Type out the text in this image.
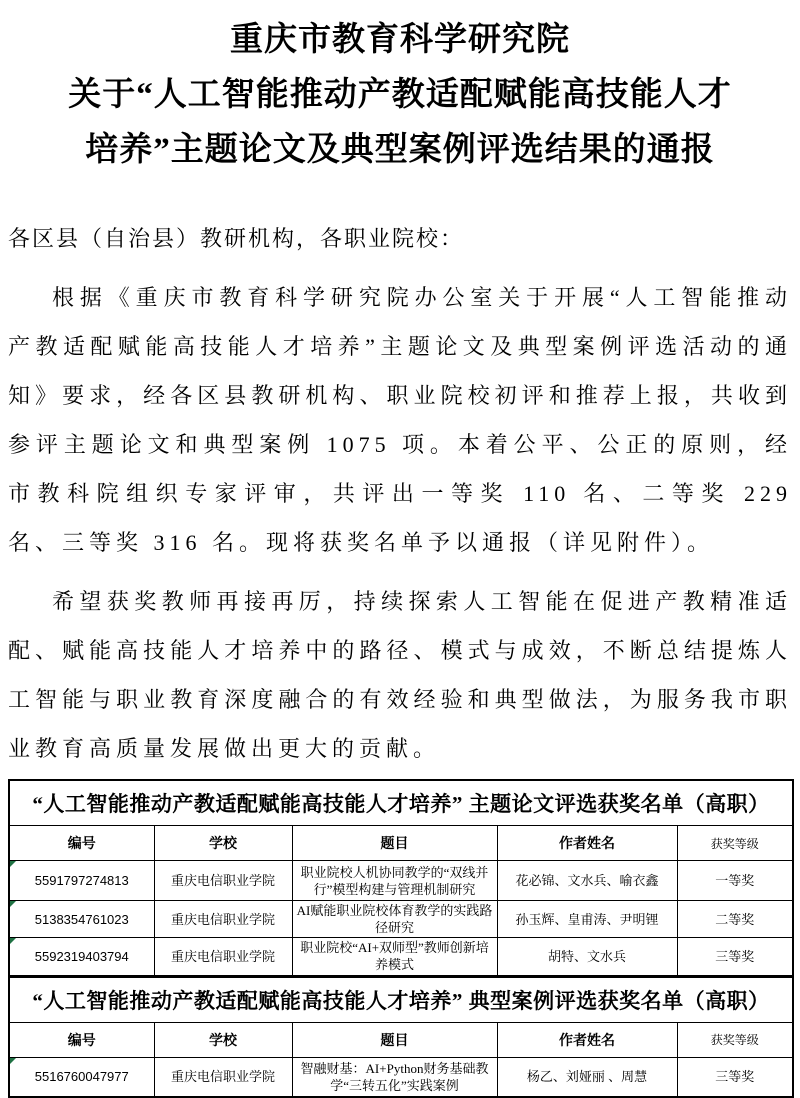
重庆市教育科学研究院
关于“人工智能推动产教适配赋能高技能人才
培养”主题论文及典型案例评选结果的通报

各区县（自治县）教研机构，各职业院校：

根据《重庆市教育科学研究院办公室关于开展“人工智能推动产教适配赋能高技能人才培养”主题论文及典型案例评选活动的通知》要求，经各区县教研机构、职业院校初评和推荐上报，共收到参评主题论文和典型案例 1075 项。本着公平、公正的原则，经市教科院组织专家评审，共评出一等奖 110 名、二等奖 229 名、三等奖 316 名。现将获奖名单予以通报（详见附件）。

希望获奖教师再接再厉，持续探索人工智能在促进产教精准适配、赋能高技能人才培养中的路径、模式与成效，不断总结提炼人工智能与职业教育深度融合的有效经验和典型做法，为服务我市职业教育高质量发展做出更大的贡献。

“人工智能推动产教适配赋能高技能人才培养” 主题论文评选获奖名单（高职）				
编号	学校	题目	作者姓名	获奖等级

5591797274813	重庆电信职业学院	职业院校人机协同教学的“双线并行”模型构建与管理机制研究	花必锦、文水兵、喻衣鑫	一等奖

5138354761023	重庆电信职业学院	AI赋能职业院校体育教学的实践路径研究	孙玉辉、皇甫涛、尹明锂	二等奖

5592319403794	重庆电信职业学院	职业院校“AI+双师型”教师创新培养模式	胡特、文水兵	三等奖
“人工智能推动产教适配赋能高技能人才培养” 典型案例评选获奖名单（高职）				
编号	学校	题目	作者姓名	获奖等级

5516760047977	重庆电信职业学院	智融财基：AI+Python财务基础教学“三转五化”实践案例	杨乙、刘娅丽 、周慧	三等奖
